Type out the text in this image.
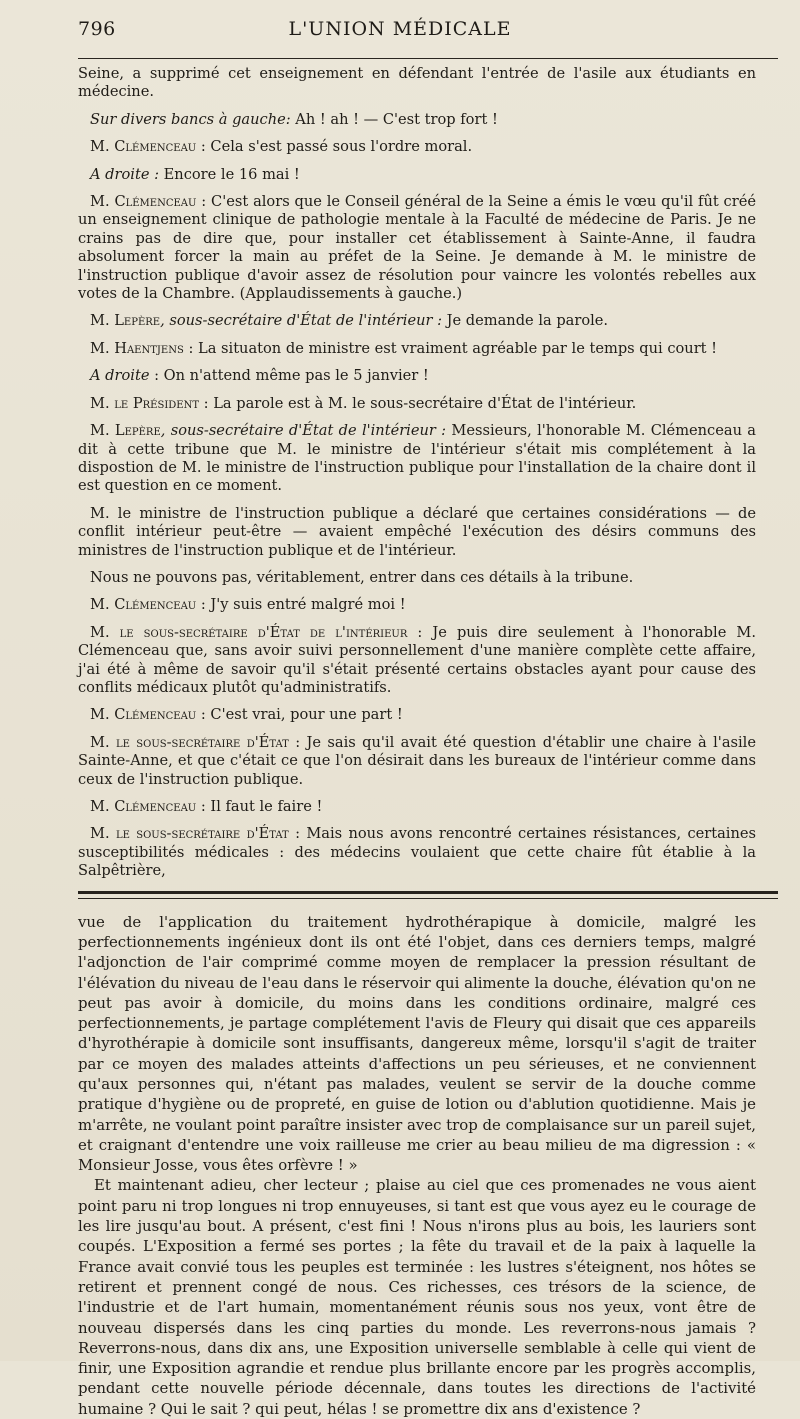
796	L'UNION MÉDICALE

Seine, a supprimé cet enseignement en défendant l'entrée de l'asile aux étudiants en médecine.

Sur divers bancs à gauche: Ah ! ah ! — C'est trop fort !

M. Clémenceau : Cela s'est passé sous l'ordre moral.

A droite : Encore le 16 mai !

M. Clémenceau : C'est alors que le Conseil général de la Seine a émis le vœu qu'il fût créé un enseignement clinique de pathologie mentale à la Faculté de médecine de Paris. Je ne crains pas de dire que, pour installer cet établissement à Sainte-Anne, il faudra absolument forcer la main au préfet de la Seine. Je demande à M. le ministre de l'instruction publique d'avoir assez de résolution pour vaincre les volontés rebelles aux votes de la Chambre. (Applaudissements à gauche.)

M. Lepère, sous-secrétaire d'État de l'intérieur : Je demande la parole.

M. Haentjens : La situaton de ministre est vraiment agréable par le temps qui court !

A droite : On n'attend même pas le 5 janvier !

M. le Président : La parole est à M. le sous-secrétaire d'État de l'intérieur.

M. Lepère, sous-secrétaire d'État de l'intérieur : Messieurs, l'honorable M. Clémenceau a dit à cette tribune que M. le ministre de l'intérieur s'était mis complétement à la dispostion de M. le ministre de l'instruction publique pour l'installation de la chaire dont il est question en ce moment.

M. le ministre de l'instruction publique a déclaré que certaines considérations — de conflit intérieur peut-être — avaient empêché l'exécution des désirs communs des ministres de l'instruction publique et de l'intérieur.

Nous ne pouvons pas, véritablement, entrer dans ces détails à la tribune.

M. Clémenceau : J'y suis entré malgré moi !

M. le sous-secrétaire d'État de l'intérieur : Je puis dire seulement à l'honorable M. Clémenceau que, sans avoir suivi personnellement d'une manière complète cette affaire, j'ai été à même de savoir qu'il s'était présenté certains obstacles ayant pour cause des conflits médicaux plutôt qu'administratifs.

M. Clémenceau : C'est vrai, pour une part !

M. le sous-secrétaire d'État : Je sais qu'il avait été question d'établir une chaire à l'asile Sainte-Anne, et que c'était ce que l'on désirait dans les bureaux de l'intérieur comme dans ceux de l'instruction publique.

M. Clémenceau : Il faut le faire !

M. le sous-secrétaire d'État : Mais nous avons rencontré certaines résistances, certaines susceptibilités médicales : des médecins voulaient que cette chaire fût établie à la Salpêtrière,

vue de l'application du traitement hydrothérapique à domicile, malgré les perfectionnements ingénieux dont ils ont été l'objet, dans ces derniers temps, malgré l'adjonction de l'air comprimé comme moyen de remplacer la pression résultant de l'élévation du niveau de l'eau dans le réservoir qui alimente la douche, élévation qu'on ne peut pas avoir à domicile, du moins dans les conditions ordinaire, malgré ces perfectionnements, je partage complétement l'avis de Fleury qui disait que ces appareils d'hyrothérapie à domicile sont insuffisants, dangereux même, lorsqu'il s'agit de traiter par ce moyen des malades atteints d'affections un peu sérieuses, et ne conviennent qu'aux personnes qui, n'étant pas malades, veulent se servir de la douche comme pratique d'hygiène ou de propreté, en guise de lotion ou d'ablution quotidienne. Mais je m'arrête, ne voulant point paraître insister avec trop de complaisance sur un pareil sujet, et craignant d'entendre une voix railleuse me crier au beau milieu de ma digression : « Monsieur Josse, vous êtes orfèvre ! »

Et maintenant adieu, cher lecteur ; plaise au ciel que ces promenades ne vous aient point paru ni trop longues ni trop ennuyeuses, si tant est que vous ayez eu le courage de les lire jusqu'au bout. A présent, c'est fini ! Nous n'irons plus au bois, les lauriers sont coupés. L'Exposition a fermé ses portes ; la fête du travail et de la paix à laquelle la France avait convié tous les peuples est terminée : les lustres s'éteignent, nos hôtes se retirent et prennent congé de nous. Ces richesses, ces trésors de la science, de l'industrie et de l'art humain, momentanément réunis sous nos yeux, vont être de nouveau dispersés dans les cinq parties du monde. Les reverrons-nous jamais ? Reverrons-nous, dans dix ans, une Exposition universelle semblable à celle qui vient de finir, une Exposition agrandie et rendue plus brillante encore par les progrès accomplis, pendant cette nouvelle période décennale, dans toutes les directions de l'activité humaine ? Qui le sait ? qui peut, hélas ! se promettre dix ans d'existence ?
